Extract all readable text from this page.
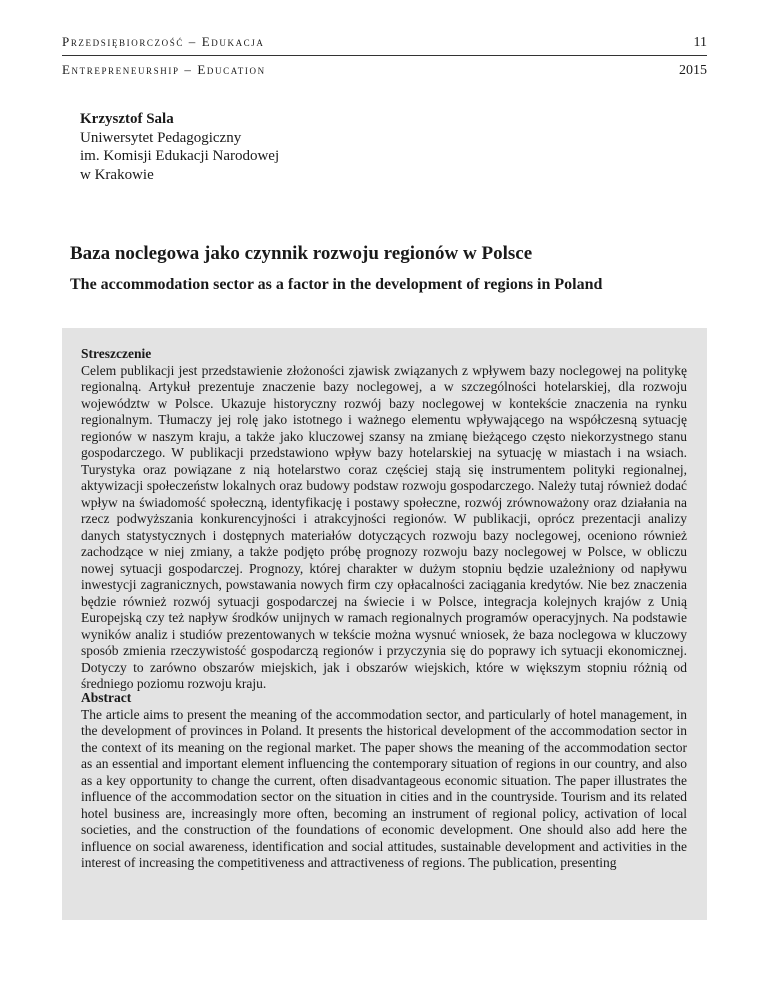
Przedsiębiorczość – Edukacja	11
Entrepreneurship – Education	2015
Krzysztof Sala
Uniwersytet Pedagogiczny
im. Komisji Edukacji Narodowej
w Krakowie
Baza noclegowa jako czynnik rozwoju regionów w Polsce
The accommodation sector as a factor in the development of regions in Poland
Streszczenie

Celem publikacji jest przedstawienie złożoności zjawisk związanych z wpływem bazy noclegowej na politykę regionalną. Artykuł prezentuje znaczenie bazy noclegowej, a w szczególności hotelarskiej, dla rozwoju województw w Polsce. Ukazuje historyczny rozwój bazy noclegowej w kontekście znaczenia na rynku regionalnym. Tłumaczy jej rolę jako istotnego i ważnego elementu wpływającego na współczesną sytuację regionów w naszym kraju, a także jako kluczowej szansy na zmianę bieżącego często niekorzystnego stanu gospodarczego. W publikacji przedstawiono wpływ bazy hotelarskiej na sytuację w miastach i na wsiach. Turystyka oraz powiązane z nią hotelarstwo coraz częściej stają się instrumentem polityki regionalnej, aktywizacji społeczeństw lokalnych oraz budowy podstaw rozwoju gospodarczego. Należy tutaj również dodać wpływ na świadomość społeczną, identyfikację i postawy społeczne, rozwój zrównoważony oraz działania na rzecz podwyższania konkurencyjności i atrakcyjności regionów. W publikacji, oprócz prezentacji analizy danych statystycznych i dostępnych materiałów dotyczących rozwoju bazy noclegowej, oceniono również zachodzące w niej zmiany, a także podjęto próbę prognozy rozwoju bazy noclegowej w Polsce, w obliczu nowej sytuacji gospodarczej. Prognozy, której charakter w dużym stopniu będzie uzależniony od napływu inwestycji zagranicznych, powstawania nowych firm czy opłacalności zaciągania kredytów. Nie bez znaczenia będzie również rozwój sytuacji gospodarczej na świecie i w Polsce, integracja kolejnych krajów z Unią Europejską czy też napływ środków unijnych w ramach regionalnych programów operacyjnych. Na podstawie wyników analiz i studiów prezentowanych w tekście można wysnuć wniosek, że baza noclegowa w kluczowy sposób zmienia rzeczywistość gospodarczą regionów i przyczynia się do poprawy ich sytuacji ekonomicznej. Dotyczy to zarówno obszarów miejskich, jak i obszarów wiejskich, które w większym stopniu różnią od średniego poziomu rozwoju kraju.

Abstract

The article aims to present the meaning of the accommodation sector, and particularly of hotel management, in the development of provinces in Poland. It presents the historical development of the accommodation sector in the context of its meaning on the regional market. The paper shows the meaning of the accommodation sector as an essential and important element influencing the contemporary situation of regions in our country, and also as a key opportunity to change the current, often disadvantageous economic situation. The paper illustrates the influence of the accommodation sector on the situation in cities and in the countryside. Tourism and its related hotel business are, increasingly more often, becoming an instrument of regional policy, activation of local societies, and the construction of the foundations of economic development. One should also add here the influence on social awareness, identification and social attitudes, sustainable development and activities in the interest of increasing the competitiveness and attractiveness of regions. The publication, presenting
